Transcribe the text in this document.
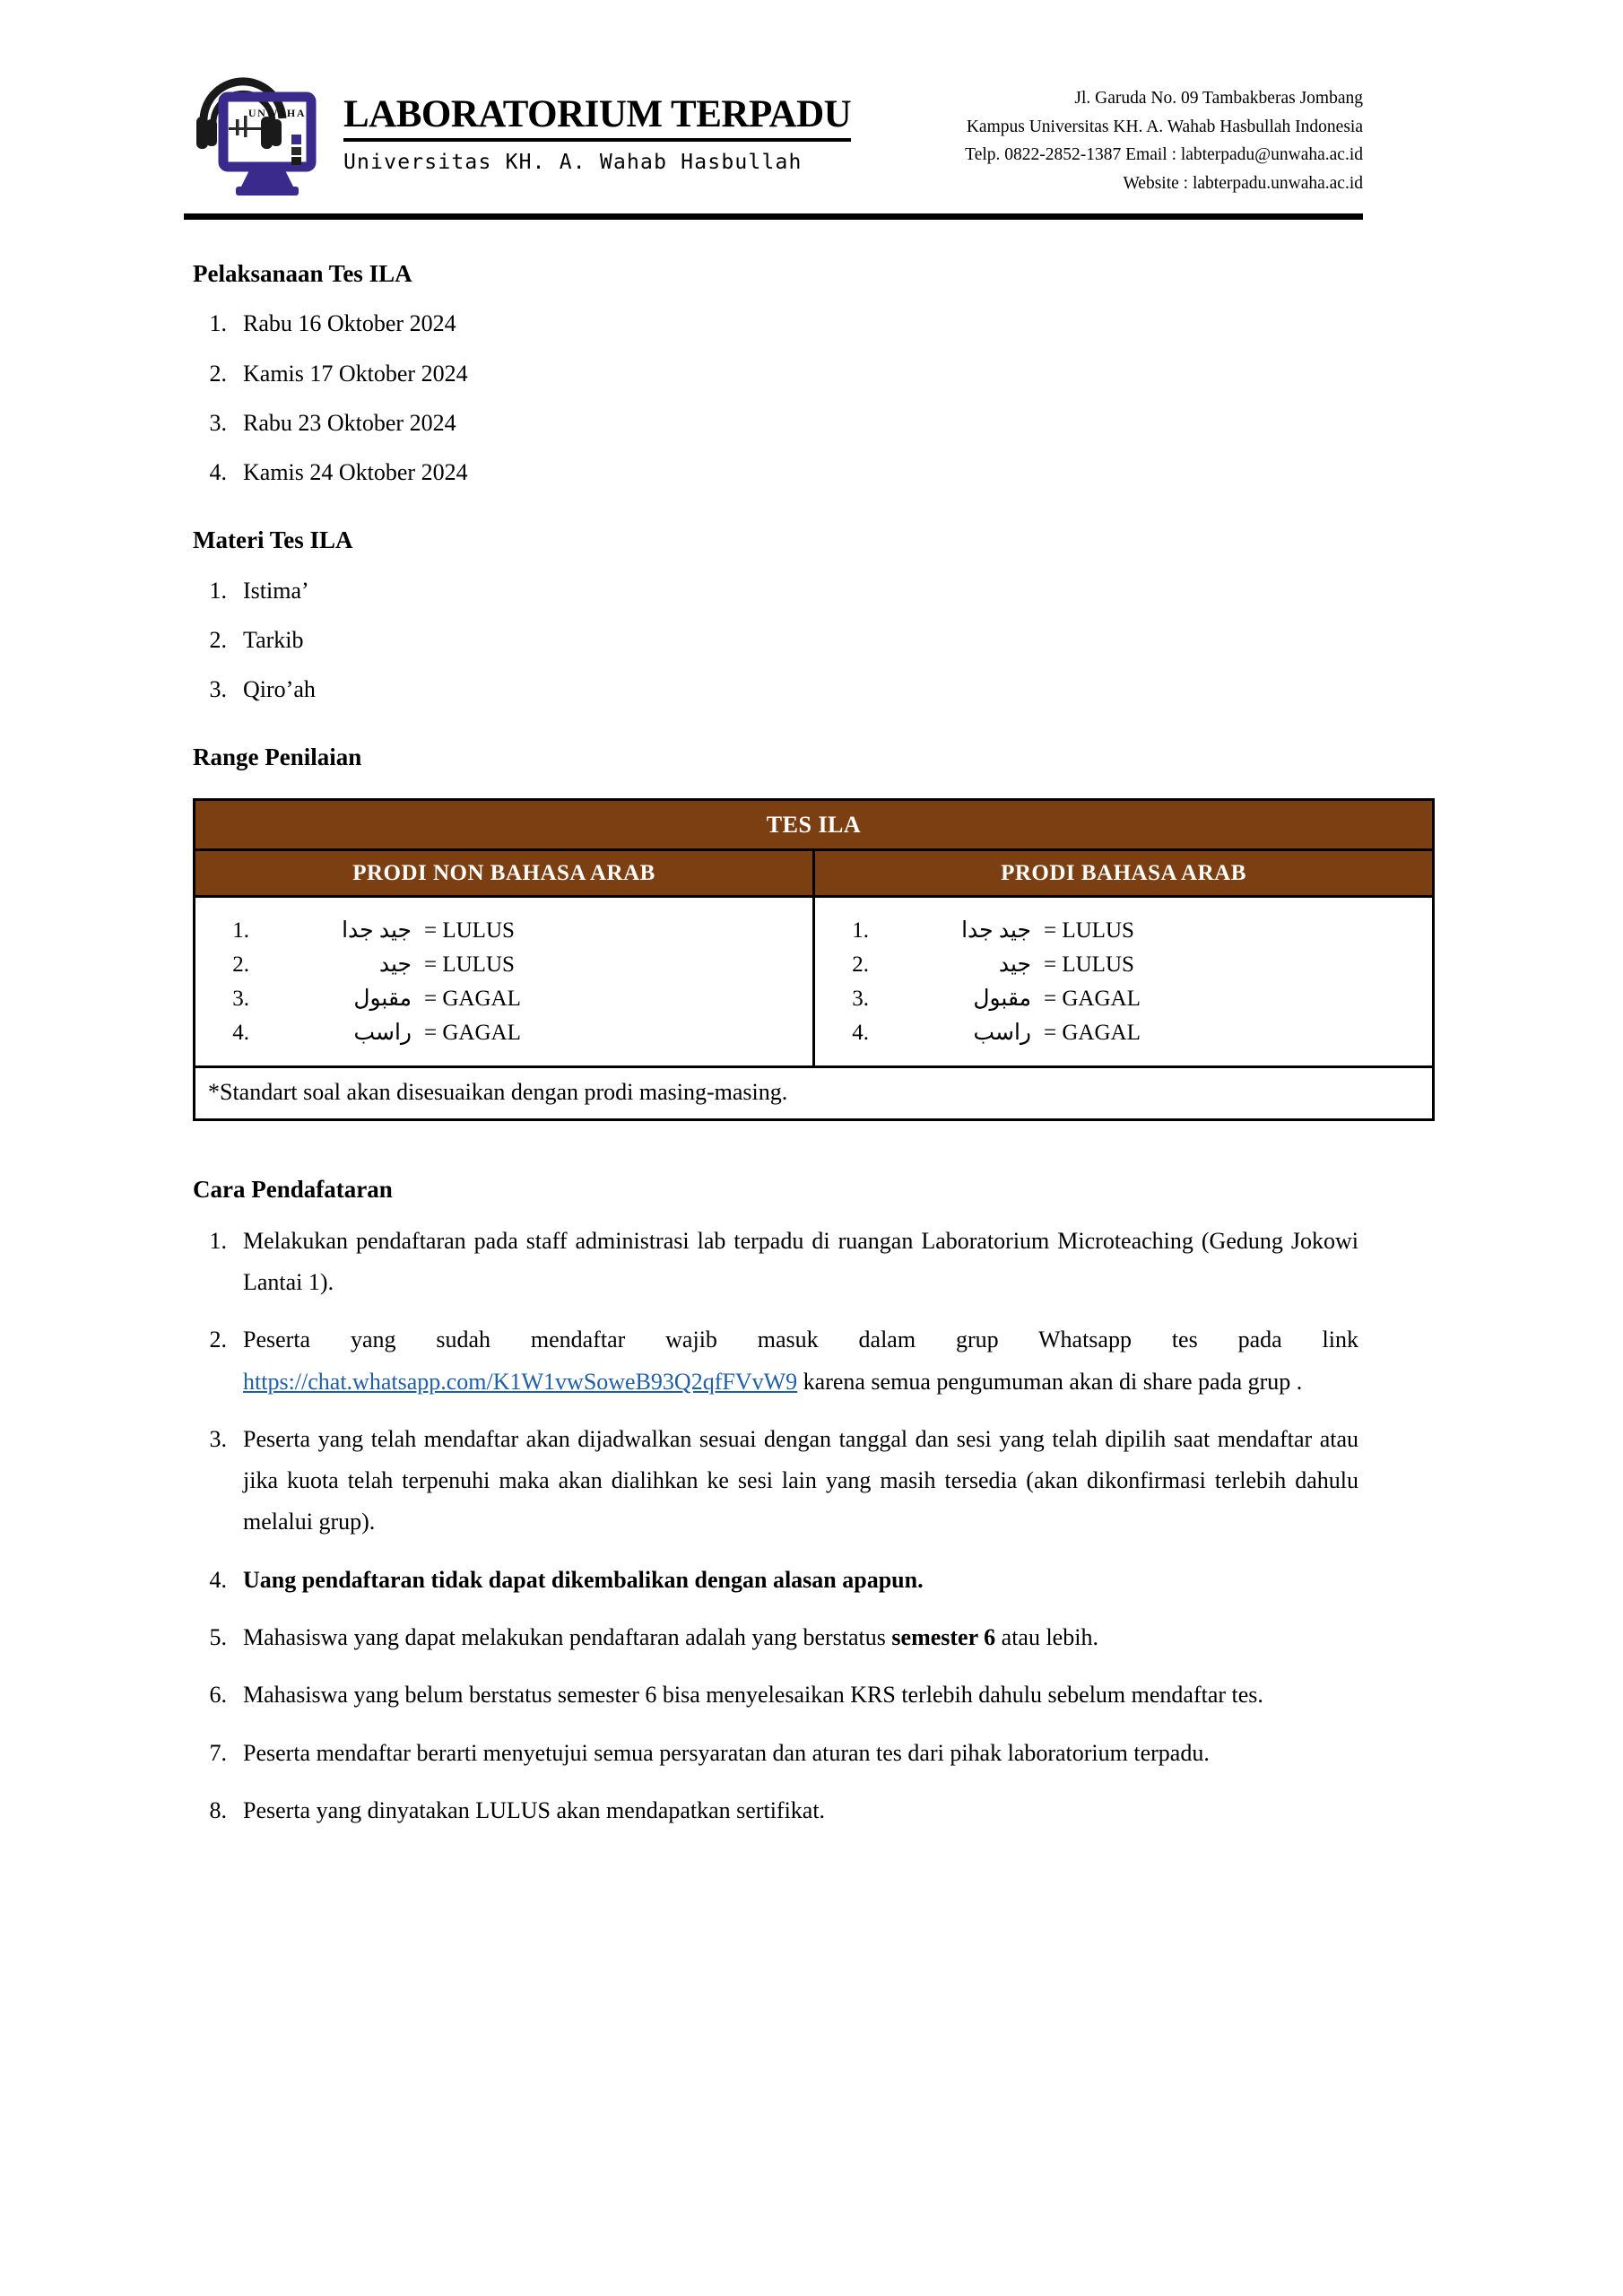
UNWAHA LABORATORIUM TERPADU
Universitas KH. A. Wahab Hasbullah
Jl. Garuda No. 09 Tambakberas Jombang
Kampus Universitas KH. A. Wahab Hasbullah Indonesia
Telp. 0822-2852-1387 Email : labterpadu@unwaha.ac.id
Website : labterpadu.unwaha.ac.id
Pelaksanaan Tes ILA
1. Rabu 16 Oktober 2024
2. Kamis 17 Oktober 2024
3. Rabu 23 Oktober 2024
4. Kamis 24 Oktober 2024
Materi Tes ILA
1. Istima’
2. Tarkib
3. Qiro’ah
Range Penilaian
TES ILA	
PRODI NON BAHASA ARAB	PRODI BAHASA ARAB

1.	جيد جدا = LULUS
2.	جيد = LULUS
3.	مقبول = GAGAL
4.	راسب = GAGAL

1.	جيد جدا = LULUS
2.	جيد = LULUS
3.	مقبول = GAGAL
4.	راسب = GAGAL

*Standart soal akan disesuaikan dengan prodi masing-masing.	
Cara Pendafataran
1. Melakukan pendaftaran pada staff administrasi lab terpadu di ruangan Laboratorium Microteaching (Gedung Jokowi Lantai 1).
2. Peserta yang sudah mendaftar wajib masuk dalam grup Whatsapp tes pada link https://chat.whatsapp.com/K1W1vwSoweB93Q2qfFVvW9 karena semua pengumuman akan di share pada grup .
3. Peserta yang telah mendaftar akan dijadwalkan sesuai dengan tanggal dan sesi yang telah dipilih saat mendaftar atau jika kuota telah terpenuhi maka akan dialihkan ke sesi lain yang masih tersedia (akan dikonfirmasi terlebih dahulu melalui grup).
4. Uang pendaftaran tidak dapat dikembalikan dengan alasan apapun.
5. Mahasiswa yang dapat melakukan pendaftaran adalah yang berstatus semester 6 atau lebih.
6. Mahasiswa yang belum berstatus semester 6 bisa menyelesaikan KRS terlebih dahulu sebelum mendaftar tes.
7. Peserta mendaftar berarti menyetujui semua persyaratan dan aturan tes dari pihak laboratorium terpadu.
8. Peserta yang dinyatakan LULUS akan mendapatkan sertifikat.
